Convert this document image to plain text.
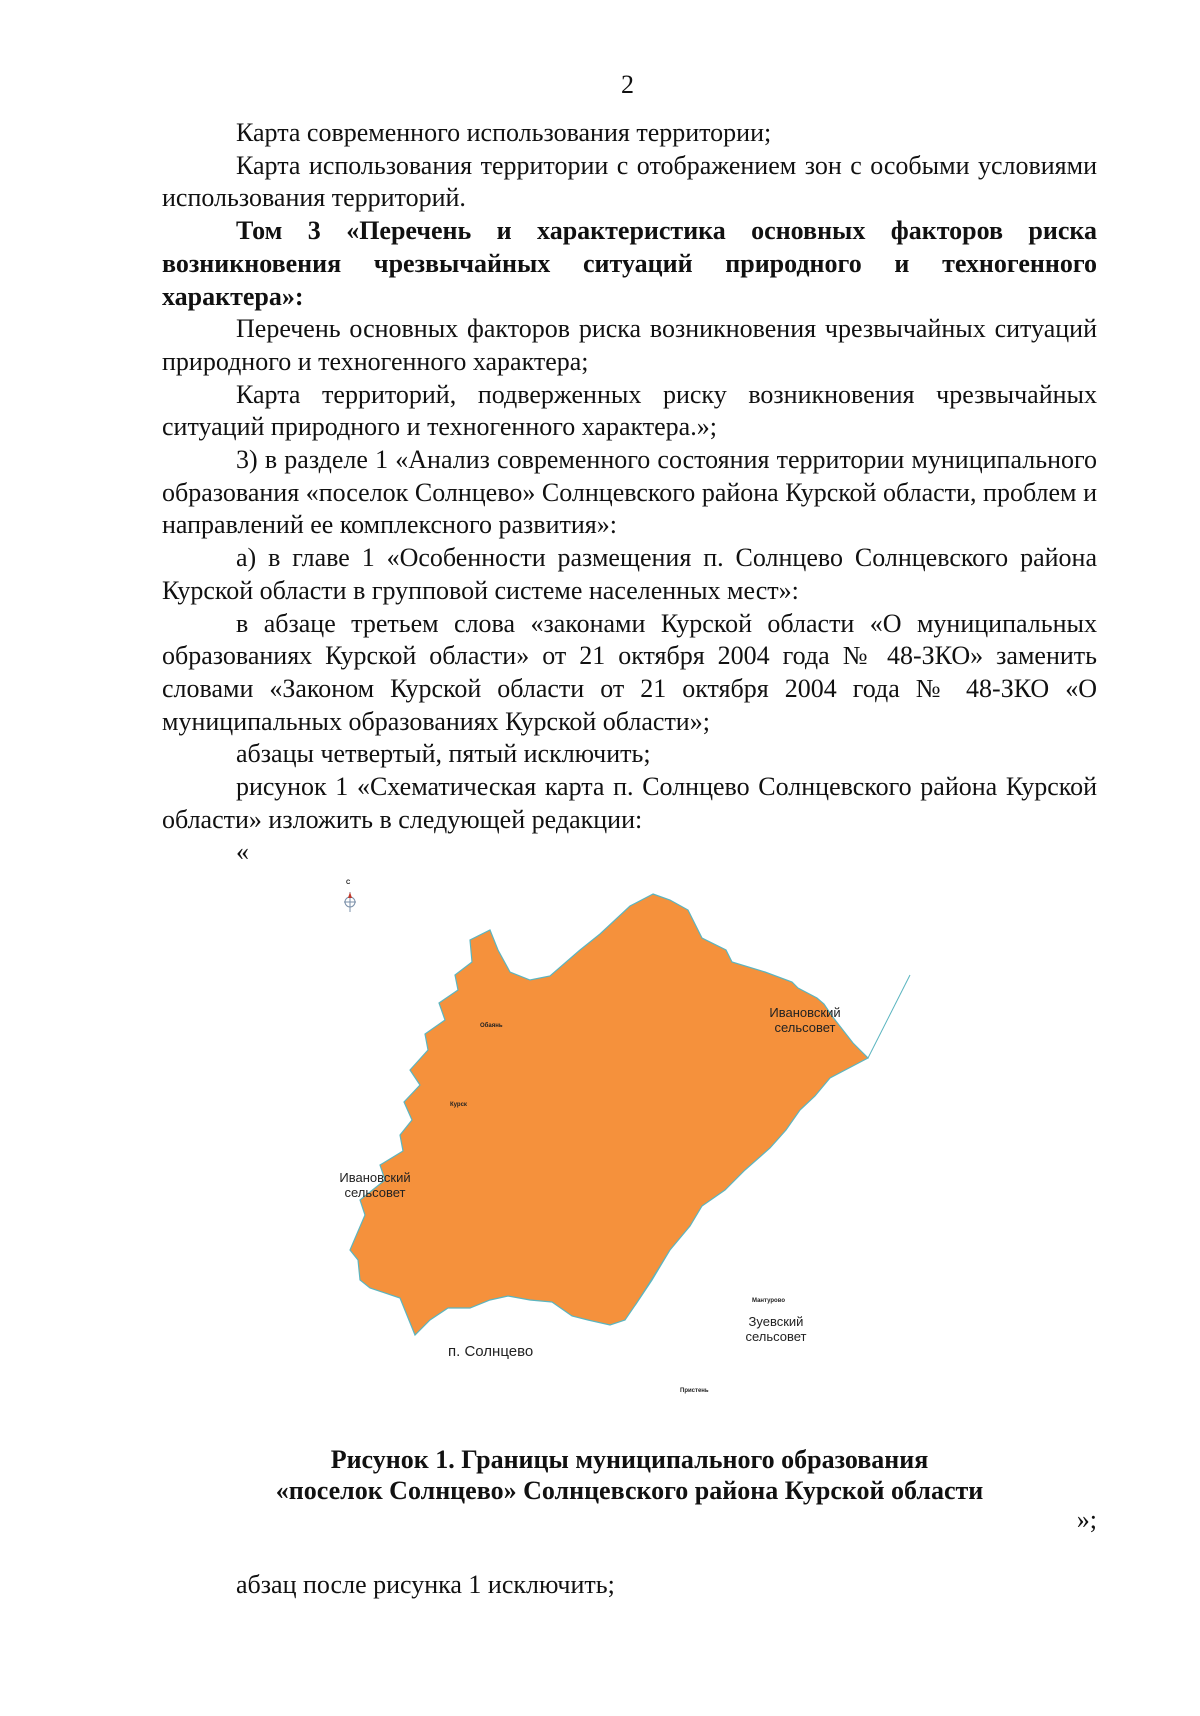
2

Карта современного использования территории;

Карта использования территории с отображением зон с особыми условиями использования территорий.

Том 3 «Перечень и характеристика основных факторов риска возникновения чрезвычайных ситуаций природного и техногенного характера»:

Перечень основных факторов риска возникновения чрезвычайных ситуаций природного и техногенного характера;

Карта территорий, подверженных риску возникновения чрезвычайных ситуаций природного и техногенного характера.»;

3) в разделе 1 «Анализ современного состояния территории муниципального образования «поселок Солнцево» Солнцевского района Курской области, проблем и направлений ее комплексного развития»:

а) в главе 1 «Особенности размещения п. Солнцево Солнцевского района Курской области в групповой системе населенных мест»:

в абзаце третьем слова «законами Курской области «О муниципальных образованиях Курской области» от 21 октября 2004 года № 48-ЗКО» заменить словами «Законом Курской области от 21 октября 2004 года № 48-ЗКО «О муниципальных образованиях Курской области»;

абзацы четвертый, пятый исключить;

рисунок 1 «Схематическая карта п. Солнцево Солнцевского района Курской области» изложить в следующей редакции:

«

С
Ивановский сельсовет
Обаянь
Курск
Ивановский сельсовет
Мантурово
Зуевский сельсовет
п. Солнцево
Пристень
Рисунок 1. Границы муниципального образования
«поселок Солнцево» Солнцевского района Курской области
»;
абзац после рисунка 1 исключить;
